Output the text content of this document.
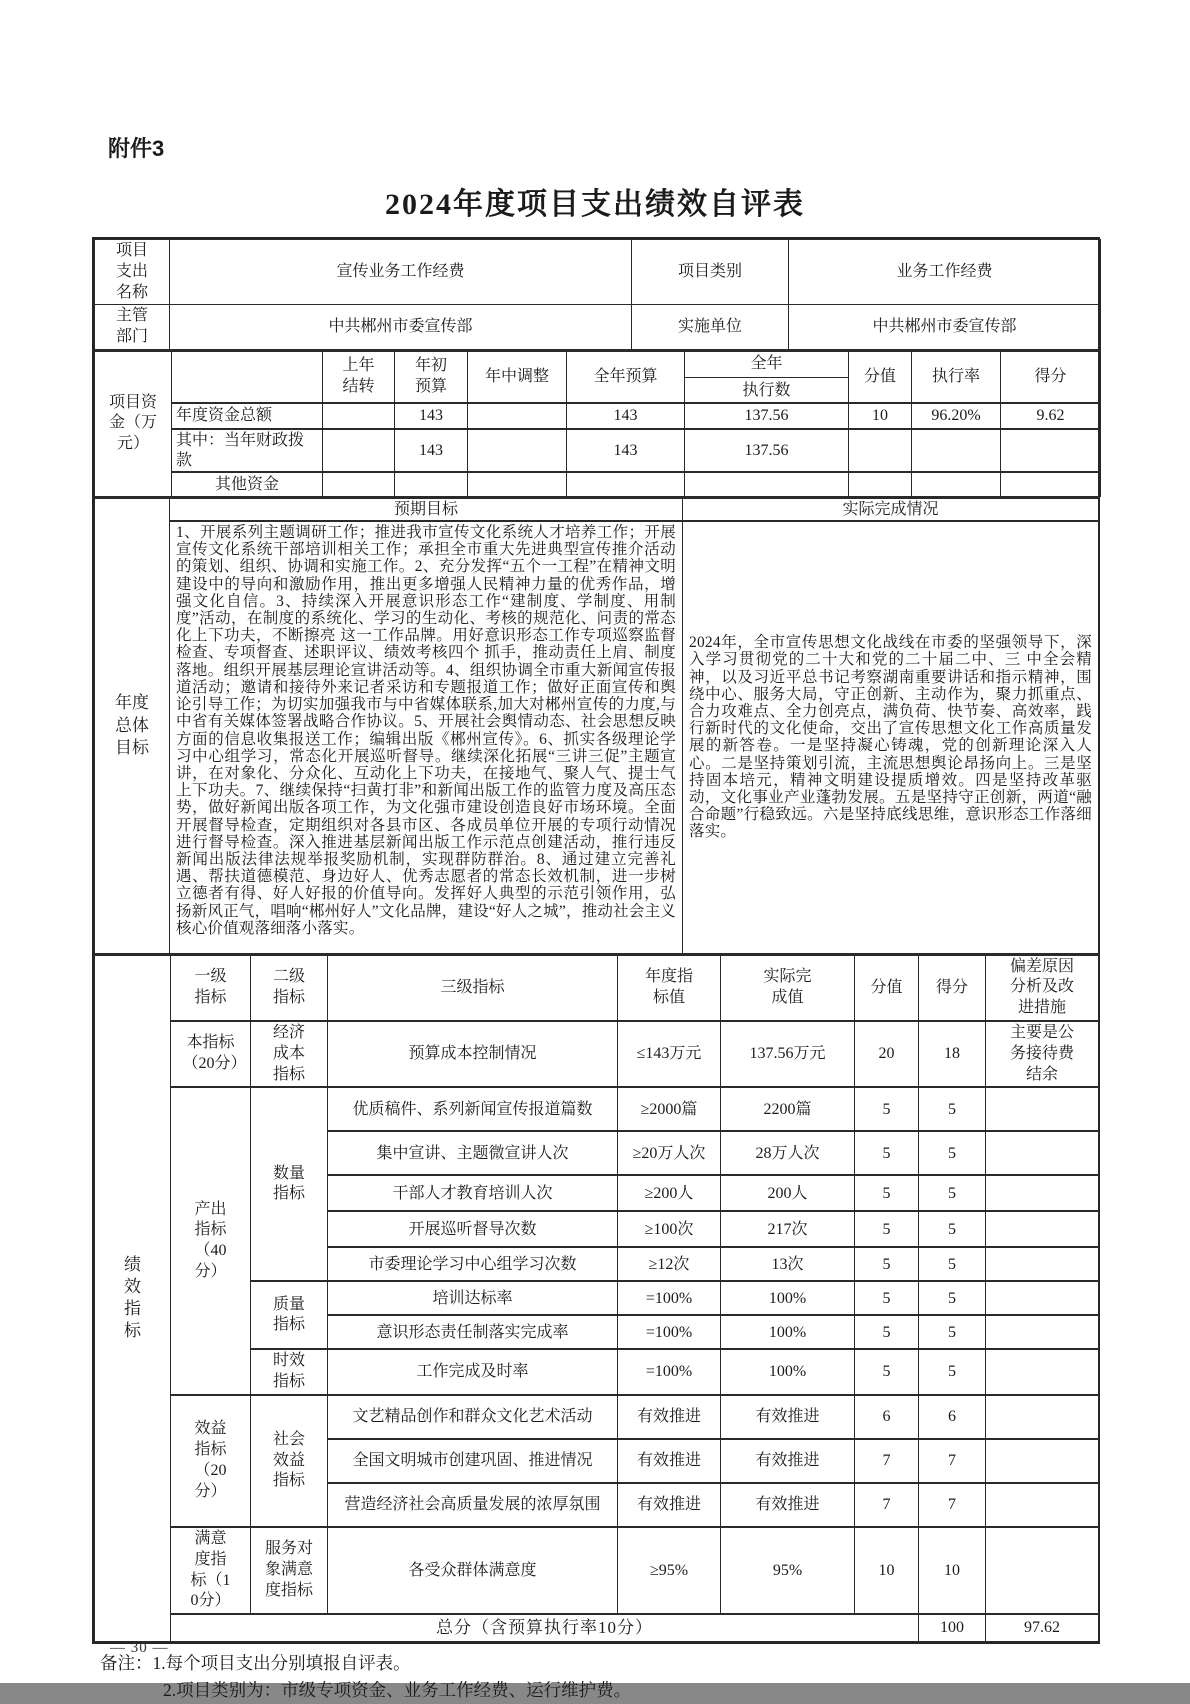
附件3
2024年度项目支出绩效自评表
项目支出名称	宣传业务工作经费	项目类别	业务工作经费

主管部门	中共郴州市委宣传部	实施单位	中共郴州市委宣传部
项目资金（万元）		上年结转	年初预算	年中调整	全年预算	全年
执行数	分值	执行率	得分
	年度资金总额		143		143	137.56	10	96.20%	9.62
	其中：当年财政拨款		143		143	137.56			
	其他资金								
年度总体目标	预期目标	实际完成情况
1、开展系列主题调研工作；推进我市宣传文化系统人才培养工作；开展宣传文化系统干部培训相关工作；承担全市重大先进典型宣传推介活动的策划、组织、协调和实施工作。2、充分发挥“五个一工程”在精神文明建设中的导向和激励作用，推出更多增强人民精神力量的优秀作品，增强文化自信。3、持续深入开展意识形态工作“建制度、学制度、用制度”活动，在制度的系统化、学习的生动化、考核的规范化、问责的常态化上下功夫，不断擦亮 这一工作品牌。用好意识形态工作专项巡察监督检查、专项督查、述职评议、绩效考核四个 抓手，推动责任上肩、制度落地。组织开展基层理论宣讲活动等。4、组织协调全市重大新闻宣传报道活动；邀请和接待外来记者采访和专题报道工作；做好正面宣传和舆论引导工作；为切实加强我市与中省媒体联系,加大对郴州宣传的力度,与中省有关媒体签署战略合作协议。5、开展社会舆情动态、社会思想反映方面的信息收集报送工作；编辑出版《郴州宣传》。6、抓实各级理论学习中心组学习，常态化开展巡听督导。继续深化拓展“三讲三促”主题宣讲，在对象化、分众化、互动化上下功夫，在接地气、聚人气、提士气上下功夫。7、继续保持“扫黄打非”和新闻出版工作的监管力度及高压态势，做好新闻出版各项工作，为文化强市建设创造良好市场环境。全面开展督导检查，定期组织对各县市区、各成员单位开展的专项行动情况进行督导检查。深入推进基层新闻出版工作示范点创建活动，推行违反新闻出版法律法规举报奖励机制，实现群防群治。8、通过建立完善礼遇、帮扶道德模范、身边好人、优秀志愿者的常态长效机制，进一步树立德者有得、好人好报的价值导向。发挥好人典型的示范引领作用，弘扬新风正气，唱响“郴州好人”文化品牌，建设“好人之城”，推动社会主义核心价值观落细落小落实。	2024年，全市宣传思想文化战线在市委的坚强领导下，深入学习贯彻党的二十大和党的二十届二中、三 中全会精神，以及习近平总书记考察湖南重要讲话和指示精神，围绕中心、服务大局，守正创新、主动作为，聚力抓重点、合力攻难点、全力创亮点，满负荷、快节奏、高效率，践行新时代的文化使命，交出了宣传思想文化工作高质量发展的新答卷。一是坚持凝心铸魂，党的创新理论深入人心。二是坚持策划引流，主流思想舆论昂扬向上。三是坚持固本培元，精神文明建设提质增效。四是坚持改革驱动，文化事业产业蓬勃发展。五是坚持守正创新，两道“融合命题”行稳致远。六是坚持底线思维，意识形态工作落细落实。
绩效指标	一级指标	二级指标	三级指标	年度指标值	实际完成值	分值	得分	偏差原因分析及改进措施	

	本指标（20分）	经济成本指标	预算成本控制情况	≤143万元	137.56万元	20	18	主要是公务接待费结余	

	产出指标（40分）	数量指标	优质稿件、系列新闻宣传报道篇数	≥2000篇	2200篇	5	5		
			集中宣讲、主题微宣讲人次	≥20万人次	28万人次	5	5		
			干部人才教育培训人次	≥200人	200人	5	5		
			开展巡听督导次数	≥100次	217次	5	5		
			市委理论学习中心组学习次数	≥12次	13次	5	5		

		质量指标	培训达标率	=100%	100%	5	5		
			意识形态责任制落实完成率	=100%	100%	5	5		

		时效指标	工作完成及时率	=100%	100%	5	5		

	效益指标（20分）	社会效益指标	文艺精品创作和群众文化艺术活动	有效推进	有效推进	6	6		
			全国文明城市创建巩固、推进情况	有效推进	有效推进	7	7		
			营造经济社会高质量发展的浓厚氛围	有效推进	有效推进	7	7		

	满意度指标（10分）	服务对象满意度指标	各受众群体满意度	≥95%	95%	10	10		
	总分（含预算执行率10分）						100	97.62	
备注：1.每个项目支出分别填报自评表。
2.项目类别为：市级专项资金、业务工作经费、运行维护费。
— 30 —
